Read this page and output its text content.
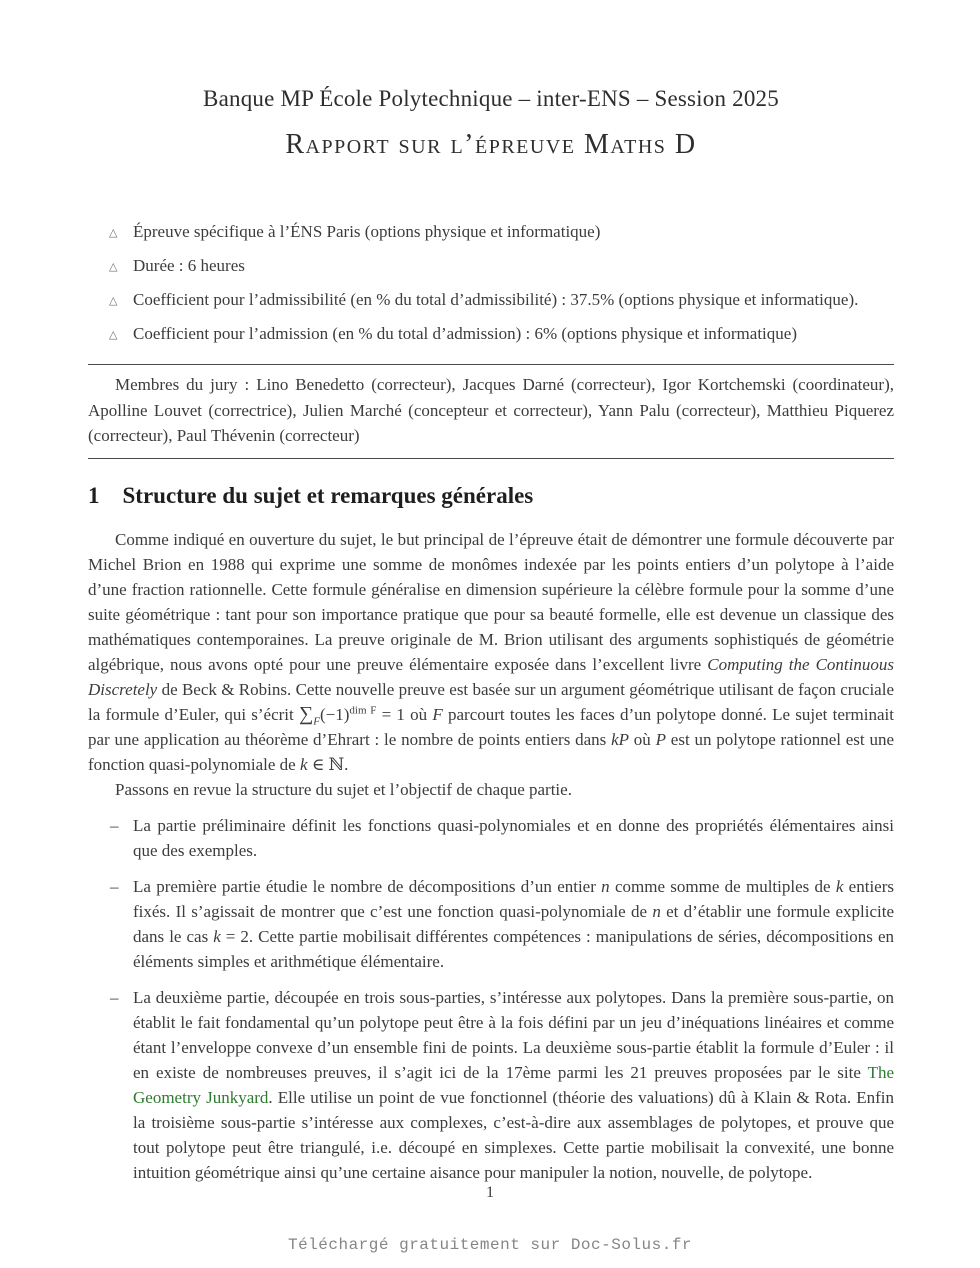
Banque MP École Polytechnique – inter-ENS – Session 2025
Rapport sur l’épreuve Maths D
△ Épreuve spécifique à l’ÉNS Paris (options physique et informatique)
△ Durée : 6 heures
△ Coefficient pour l’admissibilité (en % du total d’admissibilité) : 37.5% (options physique et informatique).
△ Coefficient pour l’admission (en % du total d’admission) : 6% (options physique et informatique)

Membres du jury : Lino Benedetto (correcteur), Jacques Darné (correcteur), Igor Kortchemski (coordinateur), Apolline Louvet (correctrice), Julien Marché (concepteur et correcteur), Yann Palu (correcteur), Matthieu Piquerez (correcteur), Paul Thévenin (correcteur)

1 Structure du sujet et remarques générales

Comme indiqué en ouverture du sujet, le but principal de l’épreuve était de démontrer une formule découverte par Michel Brion en 1988 qui exprime une somme de monômes indexée par les points entiers d’un polytope à l’aide d’une fraction rationnelle. Cette formule généralise en dimension supérieure la célèbre formule pour la somme d’une suite géométrique : tant pour son importance pratique que pour sa beauté formelle, elle est devenue un classique des mathématiques contemporaines. La preuve originale de M. Brion utilisant des arguments sophistiqués de géométrie algébrique, nous avons opté pour une preuve élémentaire exposée dans l’excellent livre Computing the Continuous Discretely de Beck & Robins. Cette nouvelle preuve est basée sur un argument géométrique utilisant de façon cruciale la formule d’Euler, qui s’écrit $\sum_F(-1)^{dim F} = 1$ où F parcourt toutes les faces d’un polytope donné. Le sujet terminait par une application au théorème d’Ehrart : le nombre de points entiers dans kP où P est un polytope rationnel est une fonction quasi-polynomiale de k ∈ ℕ.

Passons en revue la structure du sujet et l’objectif de chaque partie.

– La partie préliminaire définit les fonctions quasi-polynomiales et en donne des propriétés élémentaires ainsi que des exemples.
– La première partie étudie le nombre de décompositions d’un entier n comme somme de multiples de k entiers fixés. Il s’agissait de montrer que c’est une fonction quasi-polynomiale de n et d’établir une formule explicite dans le cas k = 2. Cette partie mobilisait différentes compétences : manipulations de séries, décompositions en éléments simples et arithmétique élémentaire.
– La deuxième partie, découpée en trois sous-parties, s’intéresse aux polytopes. Dans la première sous-partie, on établit le fait fondamental qu’un polytope peut être à la fois défini par un jeu d’inéquations linéaires et comme étant l’enveloppe convexe d’un ensemble fini de points. La deuxième sous-partie établit la formule d’Euler : il en existe de nombreuses preuves, il s’agit ici de la 17ème parmi les 21 preuves proposées par le site The Geometry Junkyard. Elle utilise un point de vue fonctionnel (théorie des valuations) dû à Klain & Rota. Enfin la troisième sous-partie s’intéresse aux complexes, c’est-à-dire aux assemblages de polytopes, et prouve que tout polytope peut être triangulé, i.e. découpé en simplexes. Cette partie mobilisait la convexité, une bonne intuition géométrique ainsi qu’une certaine aisance pour manipuler la notion, nouvelle, de polytope.
1
Téléchargé gratuitement sur Doc-Solus.fr
